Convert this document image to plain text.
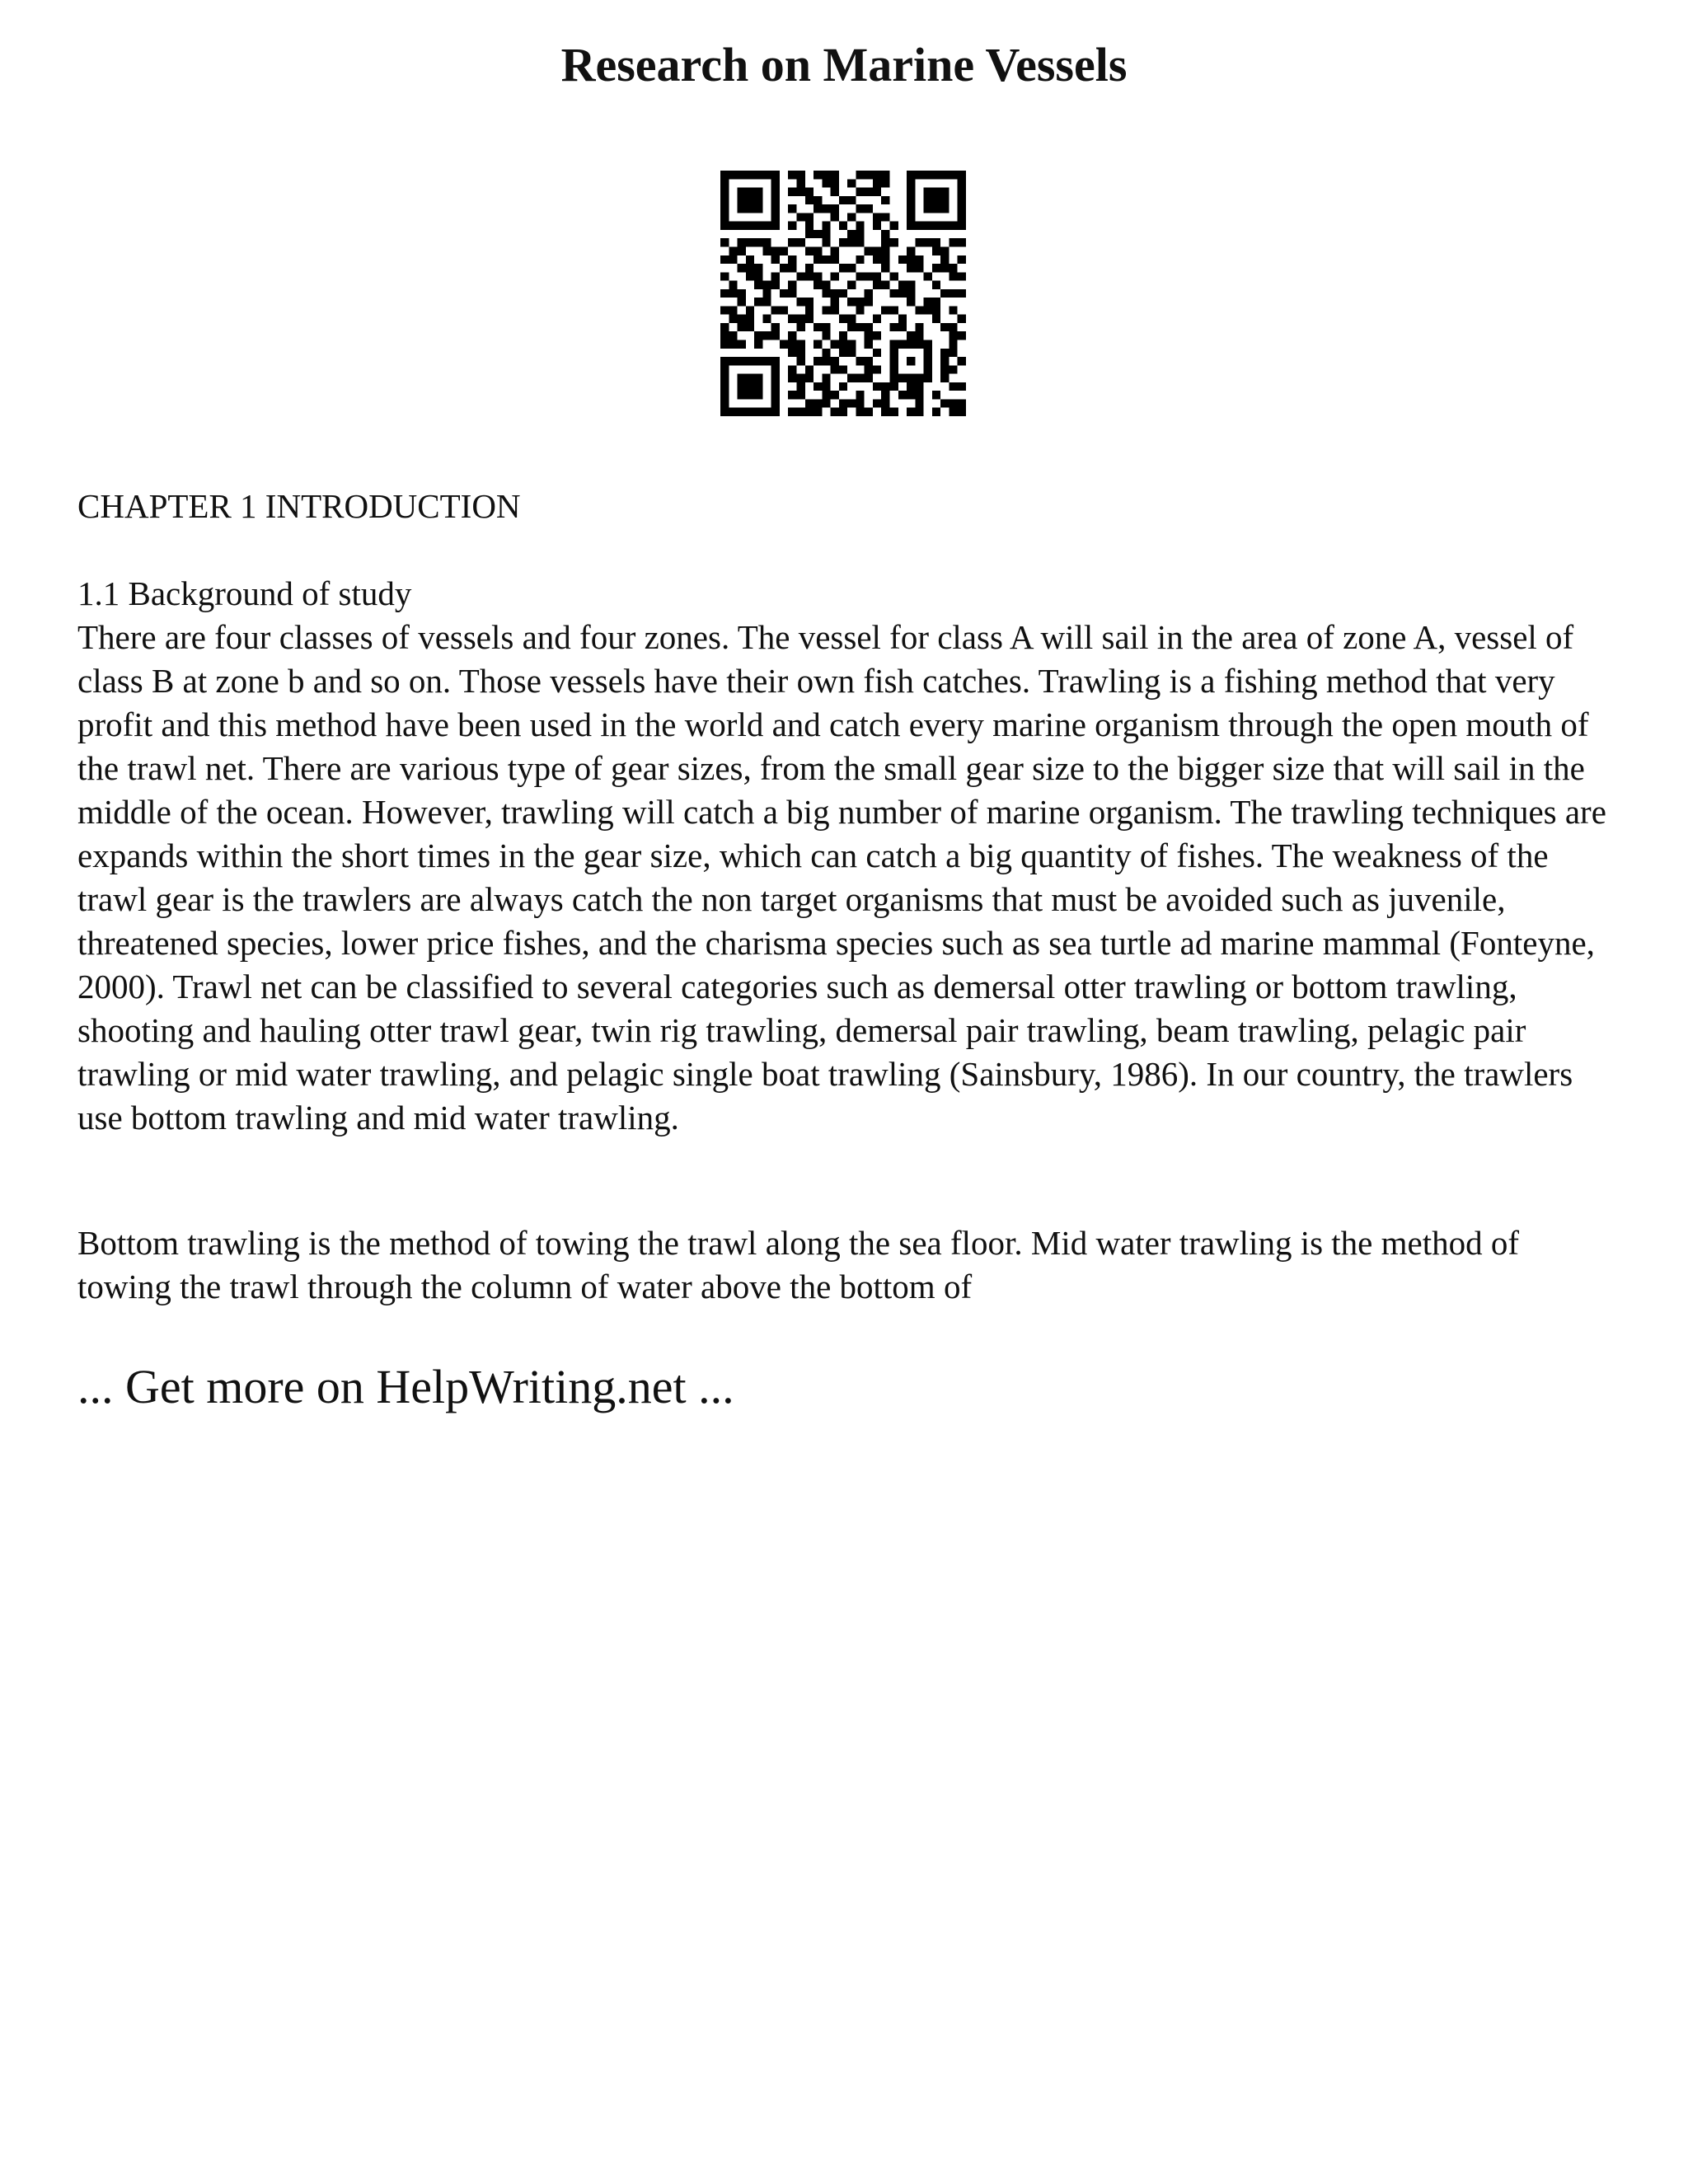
Research on Marine Vessels

CHAPTER 1 INTRODUCTION

1.1 Background of study

There are four classes of vessels and four zones. The vessel for class A will sail in the area of zone A, vessel of class B at zone b and so on. Those vessels have their own fish catches. Trawling is a fishing method that very profit and this method have been used in the world and catch every marine organism through the open mouth of the trawl net. There are various type of gear sizes, from the small gear size to the bigger size that will sail in the middle of the ocean. However, trawling will catch a big number of marine organism. The trawling techniques are expands within the short times in the gear size, which can catch a big quantity of fishes. The weakness of the trawl gear is the trawlers are always catch the non target organisms that must be avoided such as juvenile, threatened species, lower price fishes, and the charisma species such as sea turtle ad marine mammal (Fonteyne, 2000). Trawl net can be classified to several categories such as demersal otter trawling or bottom trawling, shooting and hauling otter trawl gear, twin rig trawling, demersal pair trawling, beam trawling, pelagic pair trawling or mid water trawling, and pelagic single boat trawling (Sainsbury, 1986). In our country, the trawlers use bottom trawling and mid water trawling.

Bottom trawling is the method of towing the trawl along the sea floor. Mid water trawling is the method of towing the trawl through the column of water above the bottom of

... Get more on HelpWriting.net ...
